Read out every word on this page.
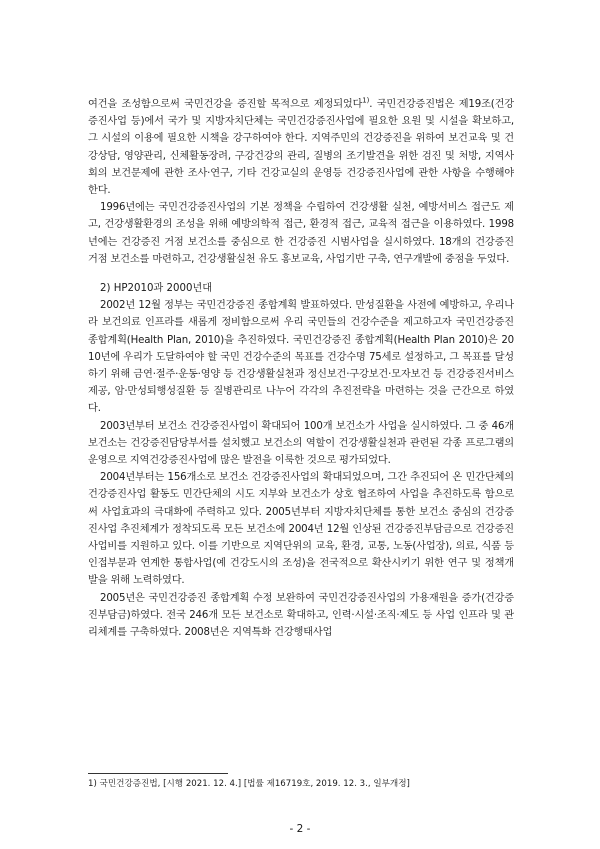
여건을 조성함으로써 국민건강을 증진할 목적으로 제정되었다$^{1)}$. 국민건강증진법은 제19조(건강증진사업 등)에서 국가 및 지방자치단체는 국민건강증진사업에 필요한 요원 및 시설을 확보하고, 그 시설의 이용에 필요한 시책을 강구하여야 한다. 지역주민의 건강증진을 위하여 보건교육 및 건강상담, 영양관리, 신체활동장려, 구강건강의 관리, 질병의 조기발견을 위한 검진 및 처방, 지역사회의 보건문제에 관한 조사·연구, 기타 건강교실의 운영등 건강증진사업에 관한 사항을 수행해야 한다.

1996년에는 국민건강증진사업의 기본 정책을 수립하여 건강생활 실천, 예방서비스 접근도 제고, 건강생활환경의 조성을 위해 예방의학적 접근, 환경적 접근, 교육적 접근을 이용하였다. 1998년에는 건강증진 거점 보건소를 중심으로 한 건강증진 시범사업을 실시하였다. 18개의 건강증진 거점 보건소를 마련하고, 건강생활실천 유도 홍보교육, 사업기반 구축, 연구개발에 중점을 두었다.

2) HP2010과 2000년대

2002년 12월 정부는 국민건강증진 종합계획 발표하였다. 만성질환을 사전에 예방하고, 우리나라 보건의료 인프라를 새롭게 정비함으로써 우리 국민들의 건강수준을 제고하고자 국민건강증진 종합계획(Health Plan, 2010)을 추진하였다. 국민건강증진 종합계획(Health Plan 2010)은 2010년에 우리가 도달하여야 할 국민 건강수준의 목표를 건강수명 75세로 설정하고, 그 목표를 달성하기 위해 금연·절주·운동·영양 등 건강생활실천과 정신보건·구강보건·모자보건 등 건강증진서비스 제공, 암·만성퇴행성질환 등 질병관리로 나누어 각각의 추진전략을 마련하는 것을 근간으로 하였다.

2003년부터 보건소 건강증진사업이 확대되어 100개 보건소가 사업을 실시하였다. 그 중 46개 보건소는 건강증진담당부서를 설치했고 보건소의 역할이 건강생활실천과 관련된 각종 프로그램의 운영으로 지역건강증진사업에 많은 발전을 이룩한 것으로 평가되었다.

2004년부터는 156개소로 보건소 건강증진사업의 확대되었으며, 그간 추진되어 온 민간단체의 건강증진사업 활동도 민간단체의 시도 지부와 보건소가 상호 협조하여 사업을 추진하도록 함으로써 사업효과의 극대화에 주력하고 있다. 2005년부터 지방자치단체를 통한 보건소 중심의 건강증진사업 추진체계가 정착되도록 모든 보건소에 2004년 12월 인상된 건강증진부담금으로 건강증진 사업비를 지원하고 있다. 이를 기반으로 지역단위의 교육, 환경, 교통, 노동(사업장), 의료, 식품 등 인접부문과 연계한 통합사업(예 건강도시의 조성)을 전국적으로 확산시키기 위한 연구 및 정책개발을 위해 노력하였다.

2005년은 국민건강증진 종합계획 수정 보완하여 국민건강증진사업의 가용재원을 증가(건강증진부담금)하였다. 전국 246개 모든 보건소로 확대하고, 인력·시설·조직·제도 등 사업 인프라 및 관리체계를 구축하였다. 2008년은 지역특화 건강행태사업

1) 국민건강증진법, [시행 2021. 12. 4.] [법률 제16719호, 2019. 12. 3., 일부개정]
- 2 -
